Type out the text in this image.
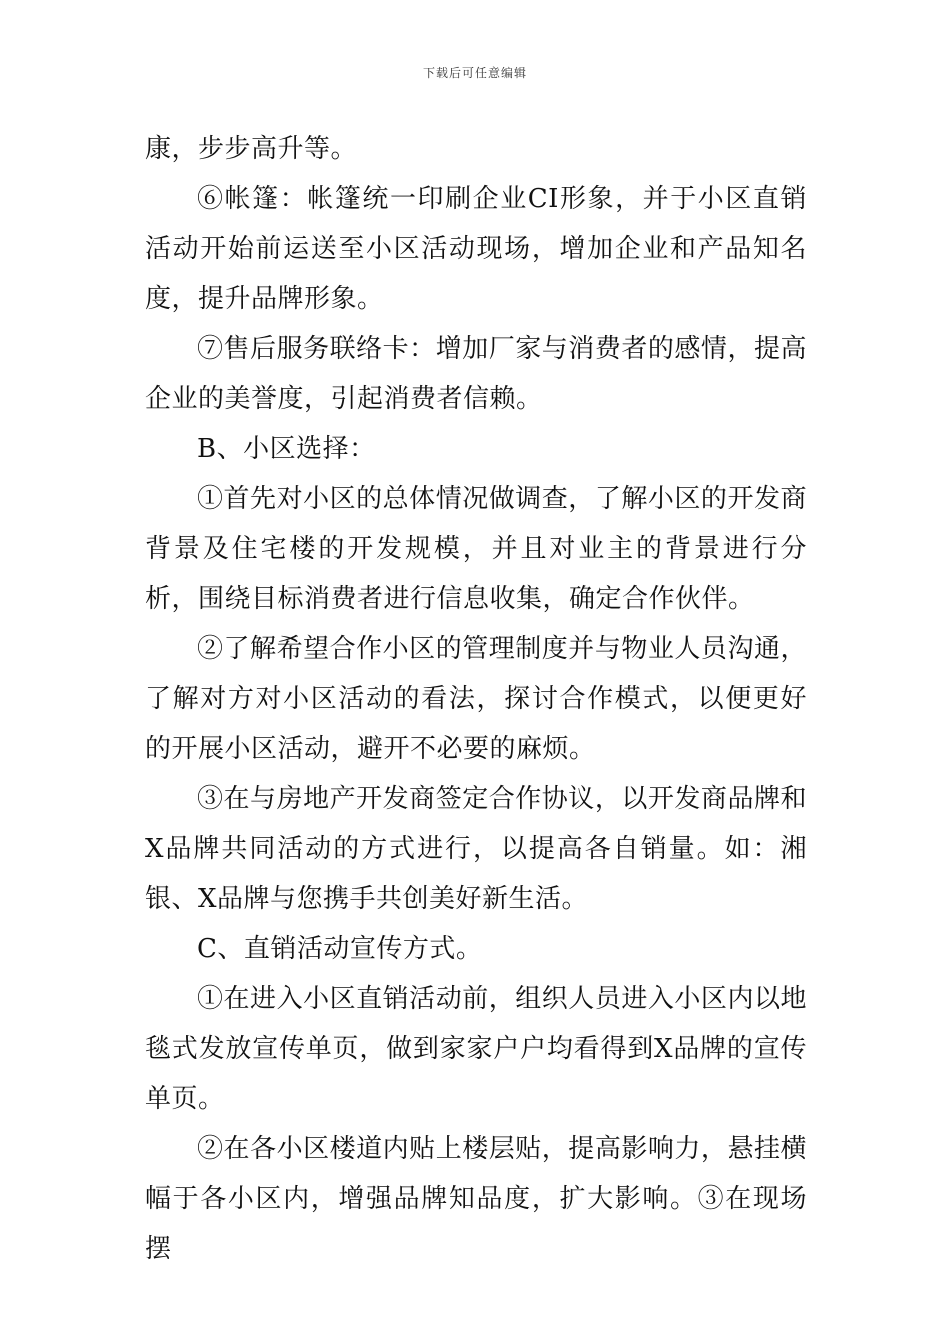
下载后可任意编辑

康，步步高升等。

⑥帐篷：帐篷统一印刷企业CI形象，并于小区直销活动开始前运送至小区活动现场，增加企业和产品知名度，提升品牌形象。

⑦售后服务联络卡：增加厂家与消费者的感情，提高企业的美誉度，引起消费者信赖。

B、小区选择：

①首先对小区的总体情况做调查，了解小区的开发商背景及住宅楼的开发规模，并且对业主的背景进行分析，围绕目标消费者进行信息收集，确定合作伙伴。

②了解希望合作小区的管理制度并与物业人员沟通，了解对方对小区活动的看法，探讨合作模式，以便更好的开展小区活动，避开不必要的麻烦。

③在与房地产开发商签定合作协议，以开发商品牌和X品牌共同活动的方式进行，以提高各自销量。如：湘银、X品牌与您携手共创美好新生活。

C、直销活动宣传方式。

①在进入小区直销活动前，组织人员进入小区内以地毯式发放宣传单页，做到家家户户均看得到X品牌的宣传单页。

②在各小区楼道内贴上楼层贴，提高影响力，悬挂横幅于各小区内，增强品牌知品度，扩大影响。③在现场摆
